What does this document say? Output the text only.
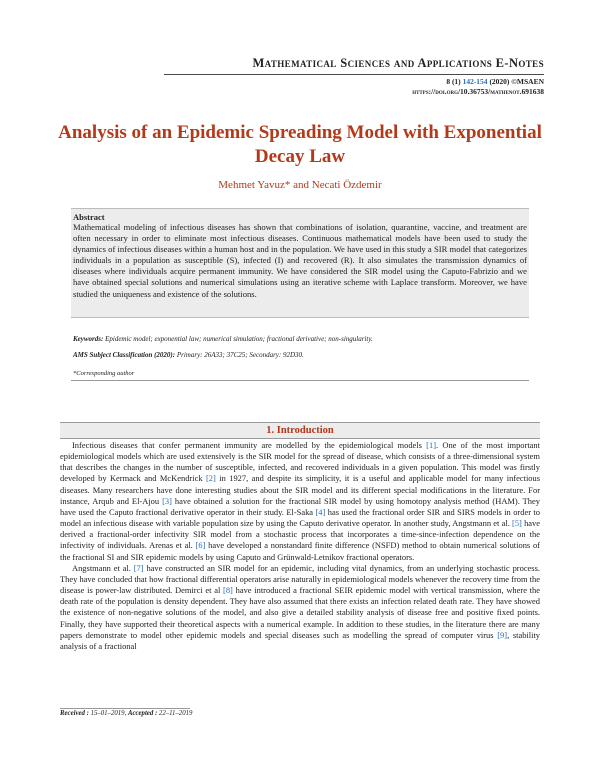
Mathematical Sciences and Applications E-Notes
8 (1) 142-154 (2020) ©MSAEN
https://doi.org/10.36753/mathenot.691638
Analysis of an Epidemic Spreading Model with Exponential Decay Law
Mehmet Yavuz* and Necati Özdemir
Abstract
Mathematical modeling of infectious diseases has shown that combinations of isolation, quarantine, vaccine, and treatment are often necessary in order to eliminate most infectious diseases. Continuous mathematical models have been used to study the dynamics of infectious diseases within a human host and in the population. We have used in this study a SIR model that categorizes individuals in a population as susceptible (S), infected (I) and recovered (R). It also simulates the transmission dynamics of diseases where individuals acquire permanent immunity. We have considered the SIR model using the Caputo-Fabrizio and we have obtained special solutions and numerical simulations using an iterative scheme with Laplace transform. Moreover, we have studied the uniqueness and existence of the solutions.
Keywords: Epidemic model; exponential law; numerical simulation; fractional derivative; non-singularity.
AMS Subject Classification (2020): Primary: 26A33; 37C25; Secondary: 92D30.
*Corresponding author
1. Introduction

Infectious diseases that confer permanent immunity are modelled by the epidemiological models [1]. One of the most important epidemiological models which are used extensively is the SIR model for the spread of disease, which consists of a three-dimensional system that describes the changes in the number of susceptible, infected, and recovered individuals in a given population. This model was firstly developed by Kermack and McKendrick [2] in 1927, and despite its simplicity, it is a useful and applicable model for many infectious diseases. Many researchers have done interesting studies about the SIR model and its different special modifications in the literature. For instance, Arqub and El-Ajou [3] have obtained a solution for the fractional SIR model by using homotopy analysis method (HAM). They have used the Caputo fractional derivative operator in their study. El-Saka [4] has used the fractional order SIR and SIRS models in order to model an infectious disease with variable population size by using the Caputo derivative operator. In another study, Angstmann et al. [5] have derived a fractional-order infectivity SIR model from a stochastic process that incorporates a time-since-infection dependence on the infectivity of individuals. Arenas et al. [6] have developed a nonstandard finite difference (NSFD) method to obtain numerical solutions of the fractional SI and SIR epidemic models by using Caputo and Grünwald-Letnikov fractional operators.

Angstmann et al. [7] have constructed an SIR model for an epidemic, including vital dynamics, from an underlying stochastic process. They have concluded that how fractional differential operators arise naturally in epidemiological models whenever the recovery time from the disease is power-law distributed. Demirci et al [8] have introduced a fractional SEIR epidemic model with vertical transmission, where the death rate of the population is density dependent. They have also assumed that there exists an infection related death rate. They have showed the existence of non-negative solutions of the model, and also give a detailed stability analysis of disease free and positive fixed points. Finally, they have supported their theoretical aspects with a numerical example. In addition to these studies, in the literature there are many papers demonstrate to model other epidemic models and special diseases such as modelling the spread of computer virus [9], stability analysis of a fractional

Received : 15–01–2019, Accepted : 22–11–2019
